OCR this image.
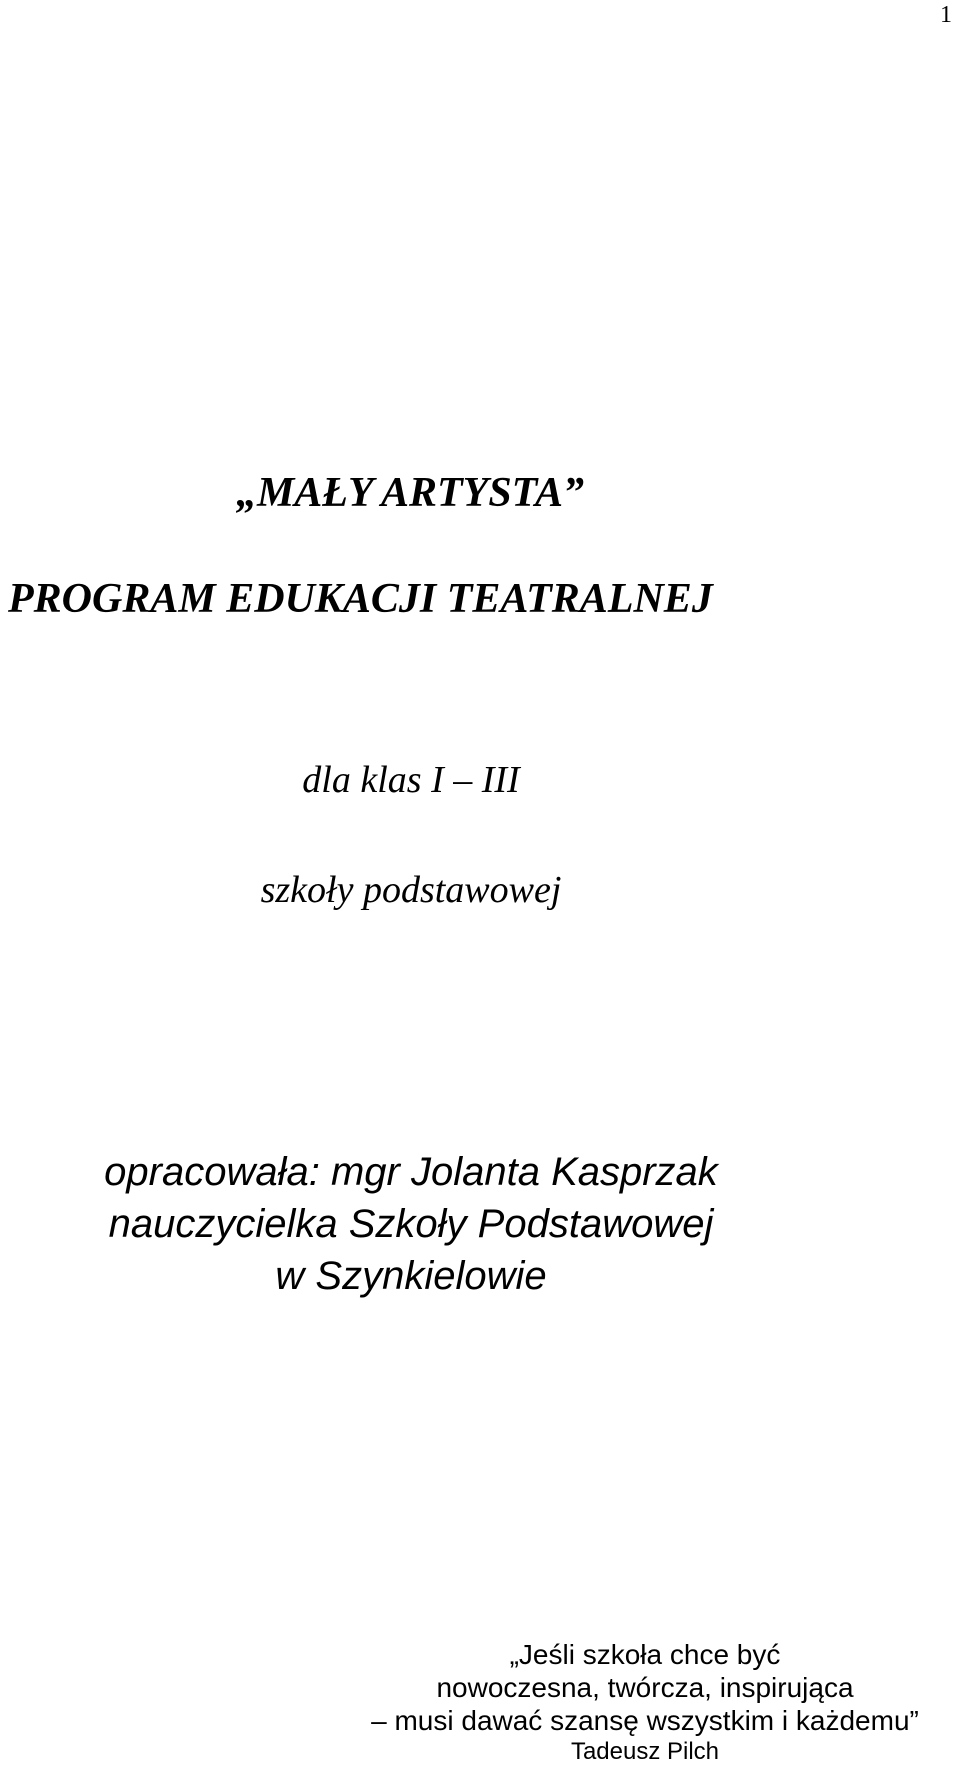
1
„MAŁY ARTYSTA”
PROGRAM EDUKACJI TEATRALNEJ
dla klas I – III
szkoły podstawowej
opracowała: mgr Jolanta Kasprzak
nauczycielka Szkoły Podstawowej
w Szynkielowie
„Jeśli szkoła chce być
nowoczesna, twórcza, inspirująca
– musi dawać szansę wszystkim i każdemu”
Tadeusz Pilch
